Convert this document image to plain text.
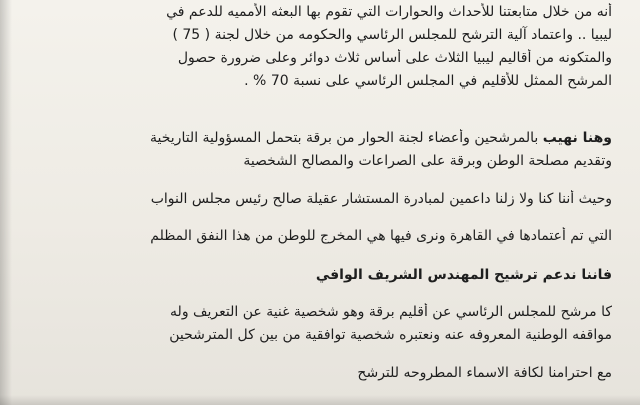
أنه من خلال متابعتنا للأحداث والحوارات التي تقوم بها البعثه الأمميه للدعم في
ليبيا .. واعتماد آلية الترشح للمجلس الرئاسي والحكومه من خلال لجنة ( 75 )
والمتكونه من أقاليم ليبيا الثلاث على أساس ثلاث دوائر وعلى ضرورة حصول
المرشح الممثل للأقليم في المجلس الرئاسي على نسبة 70 % .
وهنا نهيب بالمرشحين وأعضاء لجنة الحوار من برقة بتحمل المسؤولية التاريخية
وتقديم مصلحة الوطن وبرقة على الصراعات والمصالح الشخصية
وحيث أننا كنا ولا زلنا داعمين لمبادرة المستشار عقيلة صالح رئيس مجلس النواب
التي تم أعتمادها في القاهرة ونرى فيها هي المخرج للوطن من هذا النفق المظلم
فاننا ندعم ترشيح المهندس الشريف الوافي
كا مرشح للمجلس الرئاسي عن أقليم برقة وهو شخصية غنية عن التعريف وله
مواقفه الوطنية المعروفه عنه ونعتبره شخصية توافقية من بين كل المترشحين
مع احترامنا لكافة الاسماء المطروحه للترشح
